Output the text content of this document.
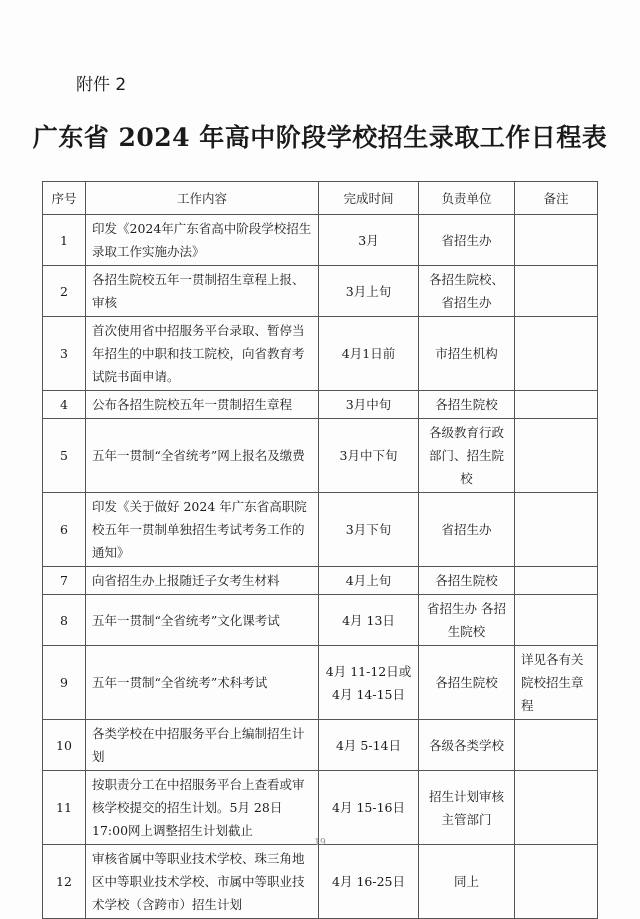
附件 2
广东省 2024 年高中阶段学校招生录取工作日程表
序号	工作内容	完成时间	负责单位	备注
1	印发《2024年广东省高中阶段学校招生录取工作实施办法》	3月	省招生办	
2	各招生院校五年一贯制招生章程上报、审核	3月上旬	各招生院校、省招生办	
3	首次使用省中招服务平台录取、暂停当年招生的中职和技工院校，向省教育考试院书面申请。	4月1日前	市招生机构	
4	公布各招生院校五年一贯制招生章程	3月中旬	各招生院校	
5	五年一贯制“全省统考”网上报名及缴费	3月中下旬	各级教育行政部门、招生院校	
6	印发《关于做好 2024 年广东省高职院校五年一贯制单独招生考试考务工作的通知》	3月下旬	省招生办	
7	向省招生办上报随迁子女考生材料	4月上旬	各招生院校	
8	五年一贯制“全省统考”文化课考试	4月 13日	省招生办 各招生院校	
9	五年一贯制“全省统考”术科考试	4月 11-12日或 4月 14-15日	各招生院校	详见各有关院校招生章程
10	各类学校在中招服务平台上编制招生计划	4月 5-14日	各级各类学校	
11	按职责分工在中招服务平台上查看或审核学校提交的招生计划。5月 28日 17:00网上调整招生计划截止	4月 15-16日	招生计划审核主管部门	
12	审核省属中等职业技术学校、珠三角地区中等职业技术学校、市属中等职业技术学校（含跨市）招生计划	4月 16-25日	同上	
19
